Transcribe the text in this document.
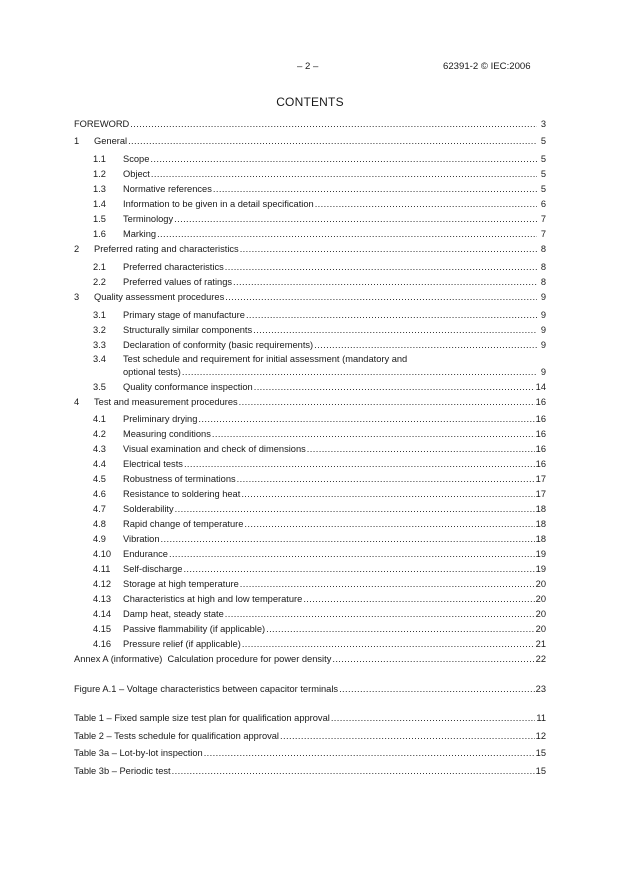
– 2 –	62391-2 © IEC:2006
CONTENTS
FOREWORD .....	3
1	General .....	5
1.1	Scope .....	5
1.2	Object .....	5
1.3	Normative references .....	5
1.4	Information to be given in a detail specification .....	6
1.5	Terminology .....	7
1.6	Marking .....	7
2	Preferred rating and characteristics .....	8
2.1	Preferred characteristics .....	8
2.2	Preferred values of ratings .....	8
3	Quality assessment procedures .....	9
3.1	Primary stage of manufacture .....	9
3.2	Structurally similar components .....	9
3.3	Declaration of conformity (basic requirements) .....	9
3.4	Test schedule and requirement for initial assessment (mandatory and
optional tests) .....	9
3.5	Quality conformance inspection .....	14
4	Test and measurement procedures .....	16
4.1	Preliminary drying .....	16
4.2	Measuring conditions .....	16
4.3	Visual examination and check of dimensions .....	16
4.4	Electrical tests .....	16
4.5	Robustness of terminations .....	17
4.6	Resistance to soldering heat .....	17
4.7	Solderability .....	18
4.8	Rapid change of temperature .....	18
4.9	Vibration .....	18
4.10	Endurance .....	19
4.11	Self-discharge .....	19
4.12	Storage at high temperature .....	20
4.13	Characteristics at high and low temperature .....	20
4.14	Damp heat, steady state .....	20
4.15	Passive flammability (if applicable) .....	20
4.16	Pressure relief (if applicable) .....	21
Annex A (informative)  Calculation procedure for power density .....	22
Figure A.1 – Voltage characteristics between capacitor terminals .....	23
Table 1 – Fixed sample size test plan for qualification approval .....	11
Table 2 – Tests schedule for qualification approval .....	12
Table 3a – Lot-by-lot inspection .....	15
Table 3b – Periodic test .....	15
